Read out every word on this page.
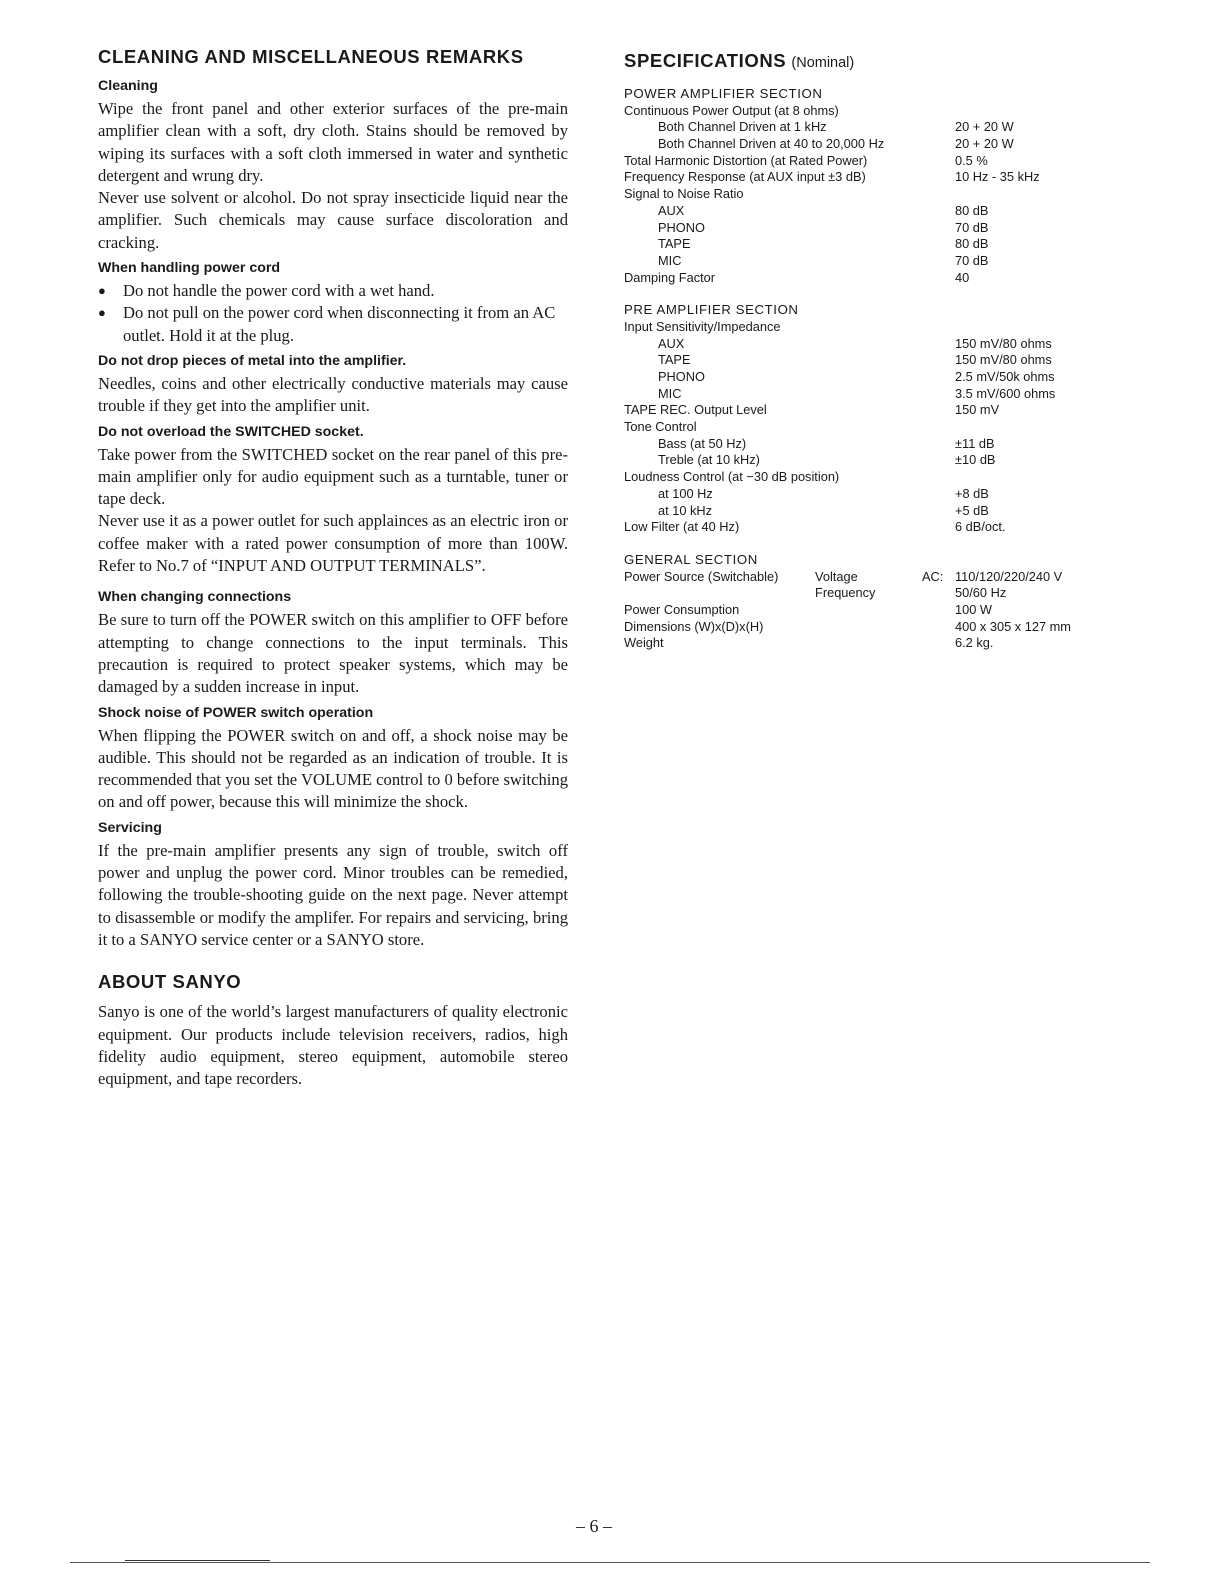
CLEANING AND MISCELLANEOUS REMARKS
Cleaning

Wipe the front panel and other exterior surfaces of the pre-main amplifier clean with a soft, dry cloth. Stains should be removed by wiping its surfaces with a soft cloth immersed in water and synthetic detergent and wrung dry.

Never use solvent or alcohol. Do not spray insecticide liquid near the amplifier. Such chemicals may cause surface discoloration and cracking.

When handling power cord
●	Do not handle the power cord with a wet hand.
●	Do not pull on the power cord when disconnecting it from an AC outlet. Hold it at the plug.
Do not drop pieces of metal into the amplifier.

Needles, coins and other electrically conductive materials may cause trouble if they get into the amplifier unit.

Do not overload the SWITCHED socket.

Take power from the SWITCHED socket on the rear panel of this pre-main amplifier only for audio equipment such as a turntable, tuner or tape deck.

Never use it as a power outlet for such applainces as an electric iron or coffee maker with a rated power consumption of more than 100W. Refer to No.7 of “INPUT AND OUTPUT TERMINALS”.

When changing connections

Be sure to turn off the POWER switch on this amplifier to OFF before attempting to change connections to the input terminals. This precaution is required to protect speaker systems, which may be damaged by a sudden increase in input.

Shock noise of POWER switch operation

When flipping the POWER switch on and off, a shock noise may be audible. This should not be regarded as an indication of trouble. It is recommended that you set the VOLUME control to 0 before switching on and off power, because this will minimize the shock.

Servicing

If the pre-main amplifier presents any sign of trouble, switch off power and unplug the power cord. Minor troubles can be remedied, following the trouble-shooting guide on the next page. Never attempt to disassemble or modify the amplifer. For repairs and servicing, bring it to a SANYO service center or a SANYO store.

ABOUT SANYO

Sanyo is one of the world’s largest manufacturers of quality electronic equipment. Our products include television receivers, radios, high fidelity audio equipment, stereo equipment, automobile stereo equipment, and tape recorders.

SPECIFICATIONS (Nominal)
POWER AMPLIFIER SECTION
Continuous Power Output (at 8 ohms)
Both Channel Driven at 1 kHz	20 + 20 W
Both Channel Driven at 40 to 20,000 Hz	20 + 20 W
Total Harmonic Distortion (at Rated Power)	0.5 %
Frequency Response (at AUX input ±3 dB)	10 Hz - 35 kHz
Signal to Noise Ratio
AUX	80 dB
PHONO	70 dB
TAPE	80 dB
MIC	70 dB
Damping Factor	40
PRE AMPLIFIER SECTION
Input Sensitivity/Impedance
AUX	150 mV/80 ohms
TAPE	150 mV/80 ohms
PHONO	2.5 mV/50k ohms
MIC	3.5 mV/600 ohms
TAPE REC. Output Level	150 mV
Tone Control
Bass (at 50 Hz)	±11 dB
Treble (at 10 kHz)	±10 dB
Loudness Control (at −30 dB position)
at 100 Hz	+8 dB
at 10 kHz	+5 dB
Low Filter (at 40 Hz)	6 dB/oct.
GENERAL SECTION
Power Source (Switchable)	Voltage	AC: 110/120/220/240 V
Frequency	50/60 Hz
Power Consumption	100 W
Dimensions (W)x(D)x(H)	400 x 305 x 127 mm
Weight	6.2 kg.
– 6 –
